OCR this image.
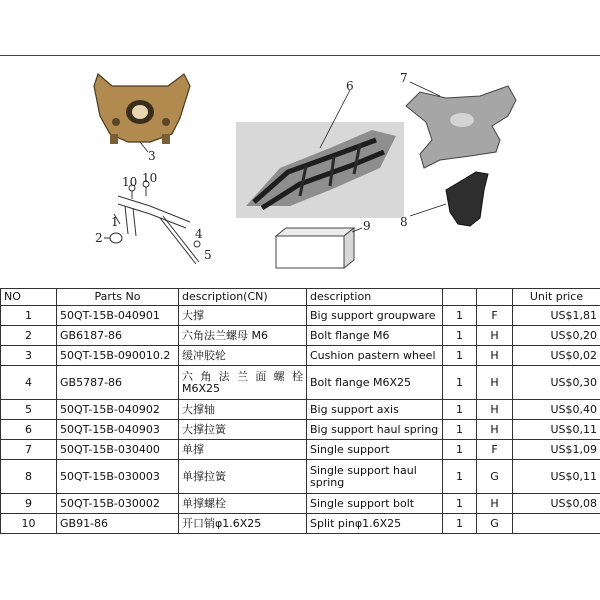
3
1
2	4
5
6
7
8
9
10 10
NO	Parts No	description(CN)	description			Unit price
1	50QT-15B-040901	大撑	Big support groupware	1	F	US$1,81
2	GB6187-86	六角法兰螺母 M6	Bolt flange M6	1	H	US$0,20
3	50QT-15B-090010.2	缓冲胶轮	Cushion pastern wheel	1	H	US$0,02
4	GB5787-86	六 角 法 兰 面 螺 栓 M6X25	Bolt flange M6X25	1	H	US$0,30
5	50QT-15B-040902	大撑轴	Big support axis	1	H	US$0,40
6	50QT-15B-040903	大撑拉簧	Big support haul spring	1	H	US$0,11
7	50QT-15B-030400	单撑	Single support	1	F	US$1,09
8	50QT-15B-030003	单撑拉簧	Single support haul spring	1	G	US$0,11
9	50QT-15B-030002	单撑螺栓	Single support bolt	1	H	US$0,08
10	GB91-86	开口销φ1.6X25	Split pinφ1.6X25	1	G	
